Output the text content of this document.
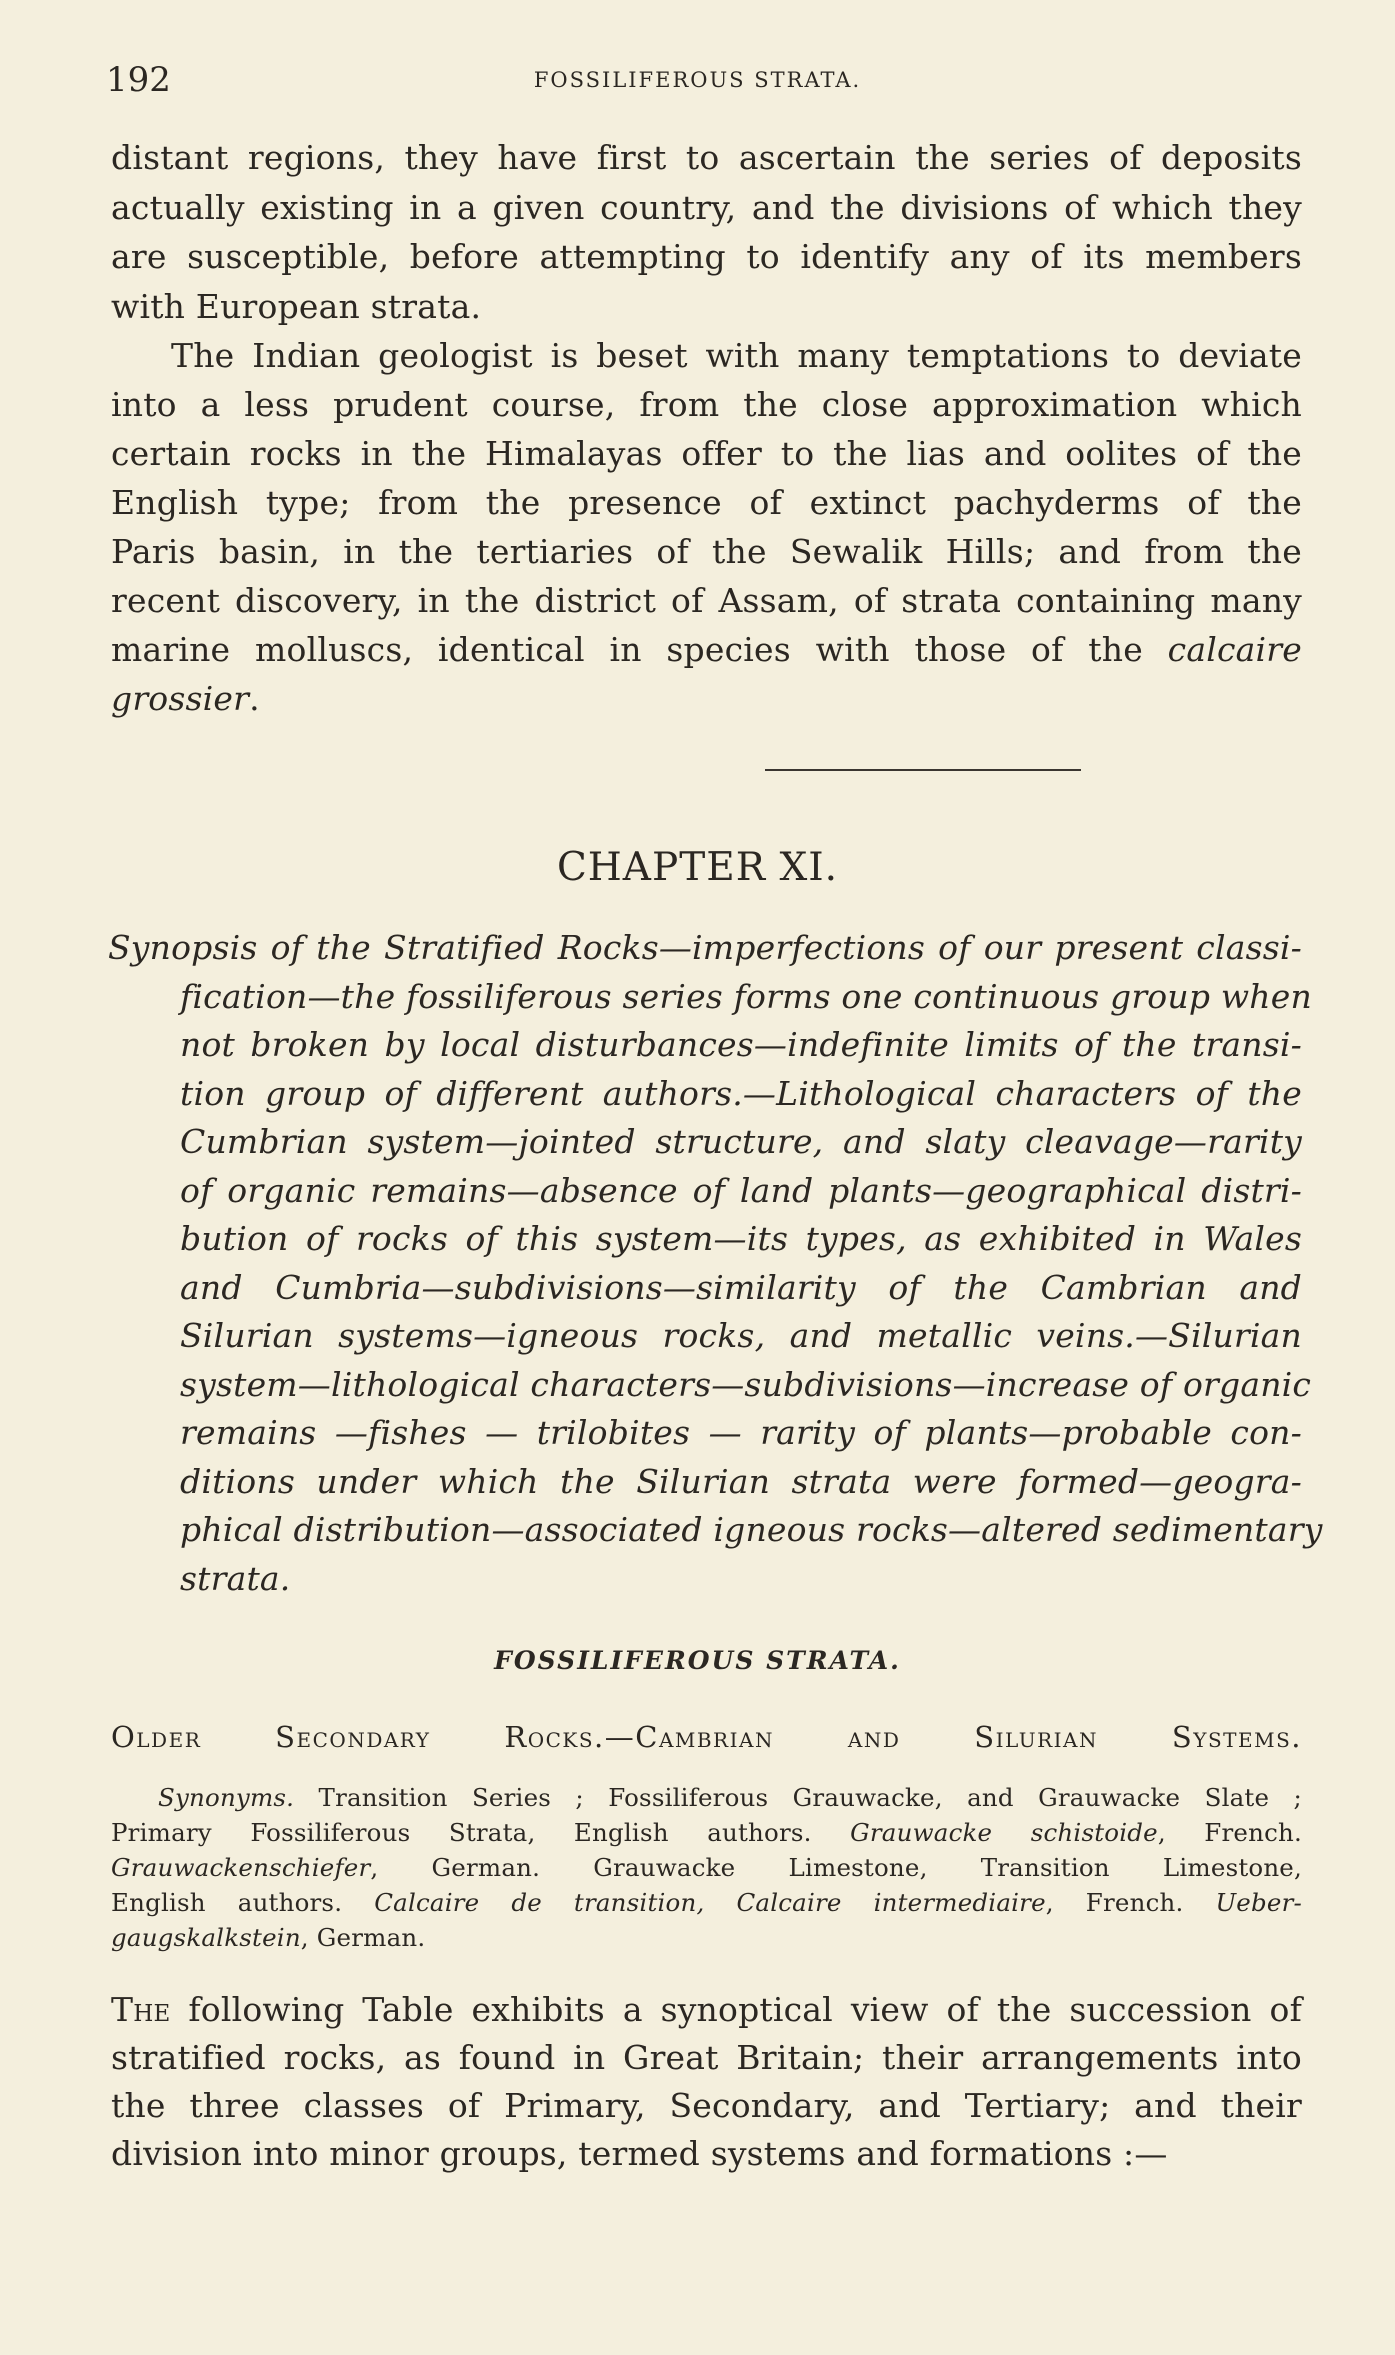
192	FOSSILIFEROUS STRATA.
distant regions, they have first to ascertain the series of deposits
actually existing in a given country, and the divisions of which they
are susceptible, before attempting to identify any of its members
with European strata.
The Indian geologist is beset with many temptations to deviate
into a less prudent course, from the close approximation which
certain rocks in the Himalayas offer to the lias and oolites of the
English type; from the presence of extinct pachyderms of the
Paris basin, in the tertiaries of the Sewalik Hills; and from the
recent discovery, in the district of Assam, of strata containing many
marine molluscs, identical in species with those of the calcaire
grossier.
CHAPTER XI.
Synopsis of the Stratified Rocks—imperfections of our present classi-
fication—the fossiliferous series forms one continuous group when
not broken by local disturbances—indefinite limits of the transi-
tion group of different authors.—Lithological characters of the
Cumbrian system—jointed structure, and slaty cleavage—rarity
of organic remains—absence of land plants—geographical distri-
bution of rocks of this system—its types, as exhibited in Wales
and Cumbria—subdivisions—similarity of the Cambrian and
Silurian systems—igneous rocks, and metallic veins.—Silurian
system—lithological characters—subdivisions—increase of organic
remains —fishes — trilobites — rarity of plants—probable con-
ditions under which the Silurian strata were formed—geogra-
phical distribution—associated igneous rocks—altered sedimentary
strata.
FOSSILIFEROUS STRATA.
Older Secondary Rocks.—Cambrian and Silurian Systems.
Synonyms. Transition Series ; Fossiliferous Grauwacke, and Grauwacke Slate ;
Primary Fossiliferous Strata, English authors. Grauwacke schistoide, French.
Grauwackenschiefer, German. Grauwacke Limestone, Transition Limestone,
English authors. Calcaire de transition, Calcaire intermediaire, French. Ueber-
gaugskalkstein, German.
The following Table exhibits a synoptical view of the succession of
stratified rocks, as found in Great Britain; their arrangements into
the three classes of Primary, Secondary, and Tertiary; and their
division into minor groups, termed systems and formations :—
